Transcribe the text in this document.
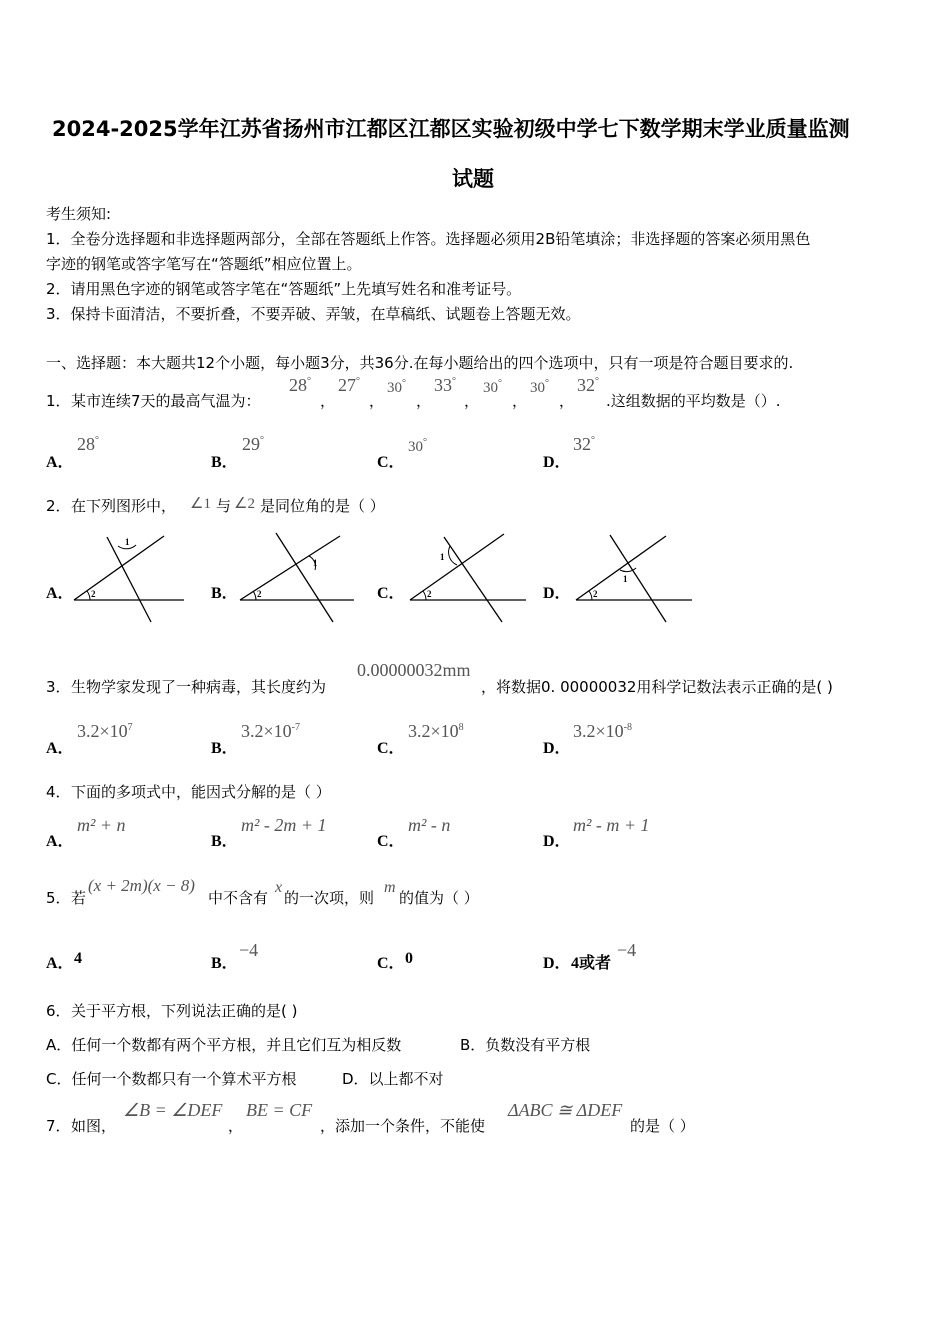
2024-2025学年江苏省扬州市江都区江都区实验初级中学七下数学期末学业质量监测
试题
考生须知:
1．全卷分选择题和非选择题两部分，全部在答题纸上作答。选择题必须用2B铅笔填涂；非选择题的答案必须用黑色
字迹的钢笔或答字笔写在“答题纸”相应位置上。
2．请用黑色字迹的钢笔或答字笔在“答题纸”上先填写姓名和准考证号。
3．保持卡面清洁，不要折叠，不要弄破、弄皱，在草稿纸、试题卷上答题无效。
一、选择题：本大题共12个小题，每小题3分，共36分.在每小题给出的四个选项中，只有一项是符合题目要求的.
1． 某市连续7天的最高气温为：
28°
，
27°
，
30°
，
33°
，
30°
，
30°
，
32°
.这组数据的平均数是（）.
A．
28°
B．
29°
C．
30°
D．
32°
2． 在下列图形中， ∠1 与 ∠2 是同位角的是（ ）
A．
1
2	B．
1
2	C．
1
2	D．
1
2
3． 生物学家发现了一种病毒，其长度约为
0.00000032mm
，将数据0. 00000032用科学记数法表示正确的是( )
A．
$3.2\times 10^7$
B．
$3.2\times 10^{-7}$
C．
$3.2\times 10^8$
D．
$3.2\times 10^{-8}$
4． 下面的多项式中，能因式分解的是（ ）
A．
m² + n
B．
m² - 2m + 1
C．
m² - n
D．
m² - m + 1
5． 若
(x + 2m)(x − 8)
中不含有
x
的一次项，则
m
的值为（ ）
A． 4	B．
−4
C． 0	D． 4或者
−4
6． 关于平方根，下列说法正确的是( )
A．任何一个数都有两个平方根，并且它们互为相反数	B．负数没有平方根
C．任何一个数都只有一个算术平方根	D．以上都不对
7． 如图，
∠B = ∠DEF
，
BE = CF
，添加一个条件，不能使
ΔABC ≅ ΔDEF
的是（ ）
